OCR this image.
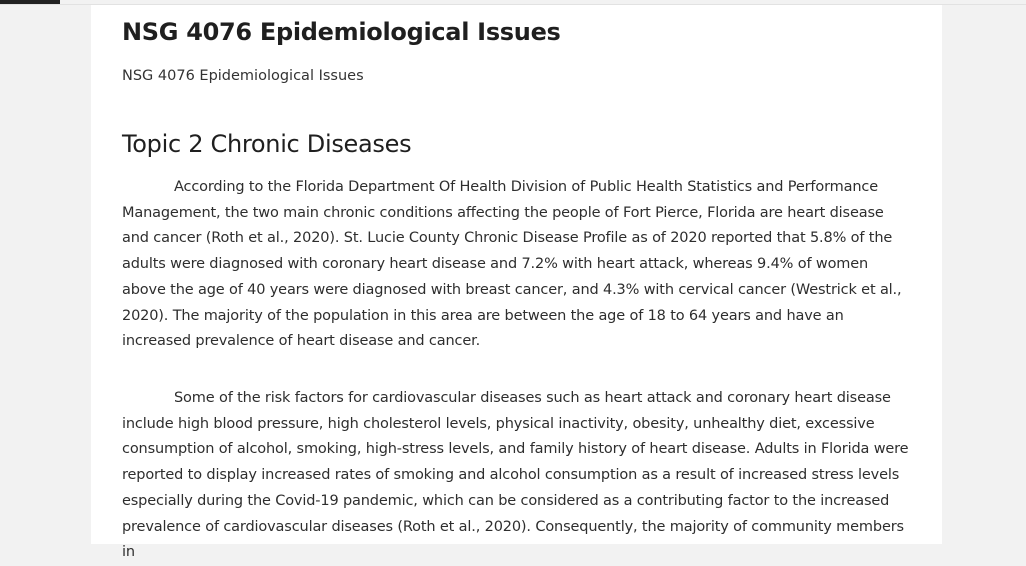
NSG 4076 Epidemiological Issues

NSG 4076 Epidemiological Issues

Topic 2 Chronic Diseases

According to the Florida Department Of Health Division of Public Health Statistics and Performance Management, the two main chronic conditions affecting the people of Fort Pierce, Florida are heart disease and cancer (Roth et al., 2020). St. Lucie County Chronic Disease Profile as of 2020 reported that 5.8% of the adults were diagnosed with coronary heart disease and 7.2% with heart attack, whereas 9.4% of women above the age of 40 years were diagnosed with breast cancer, and 4.3% with cervical cancer (Westrick et al., 2020). The majority of the population in this area are between the age of 18 to 64 years and have an increased prevalence of heart disease and cancer.

Some of the risk factors for cardiovascular diseases such as heart attack and coronary heart disease include high blood pressure, high cholesterol levels, physical inactivity, obesity, unhealthy diet, excessive consumption of alcohol, smoking, high-stress levels, and family history of heart disease. Adults in Florida were reported to display increased rates of smoking and alcohol consumption as a result of increased stress levels especially during the Covid-19 pandemic, which can be considered as a contributing factor to the increased prevalence of cardiovascular diseases (Roth et al., 2020). Consequently, the majority of community members in
